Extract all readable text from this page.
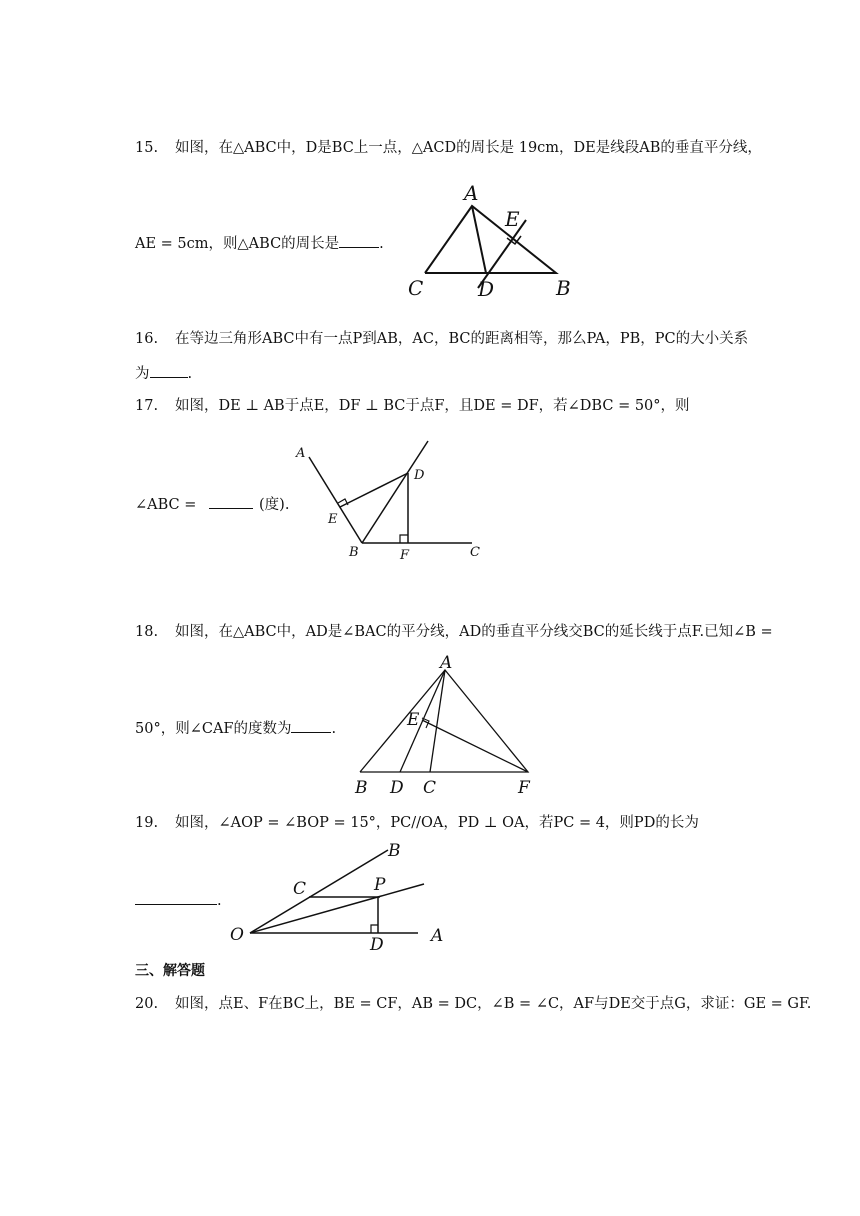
15. 如图，在△ABC中，D是BC上一点，△ACD的周长是 19cm，DE是线段AB的垂直平分线，
AE = 5cm，则△ABC的周长是	.
A
E
C	D	B
16. 在等边三角形ABC中有一点P到AB，AC，BC的距离相等，那么PA，PB，PC的大小关系
为	.
17. 如图，DE ⊥ AB于点E，DF ⊥ BC于点F，且DE = DF，若∠DBC = 50°，则
∠ABC =	(度).
A
D
E
B	F	C
18. 如图，在△ABC中，AD是∠BAC的平分线，AD的垂直平分线交BC的延长线于点F.已知∠B =
50°，则∠CAF的度数为	.
A
E
B D C	F
19. 如图，∠AOP = ∠BOP = 15°，PC//OA，PD ⊥ OA，若PC = 4，则PD的长为
.
B
C	P
O	D	A
三、解答题
20. 如图，点E、F在BC上，BE = CF，AB = DC，∠B = ∠C，AF与DE交于点G，求证：GE = GF.
